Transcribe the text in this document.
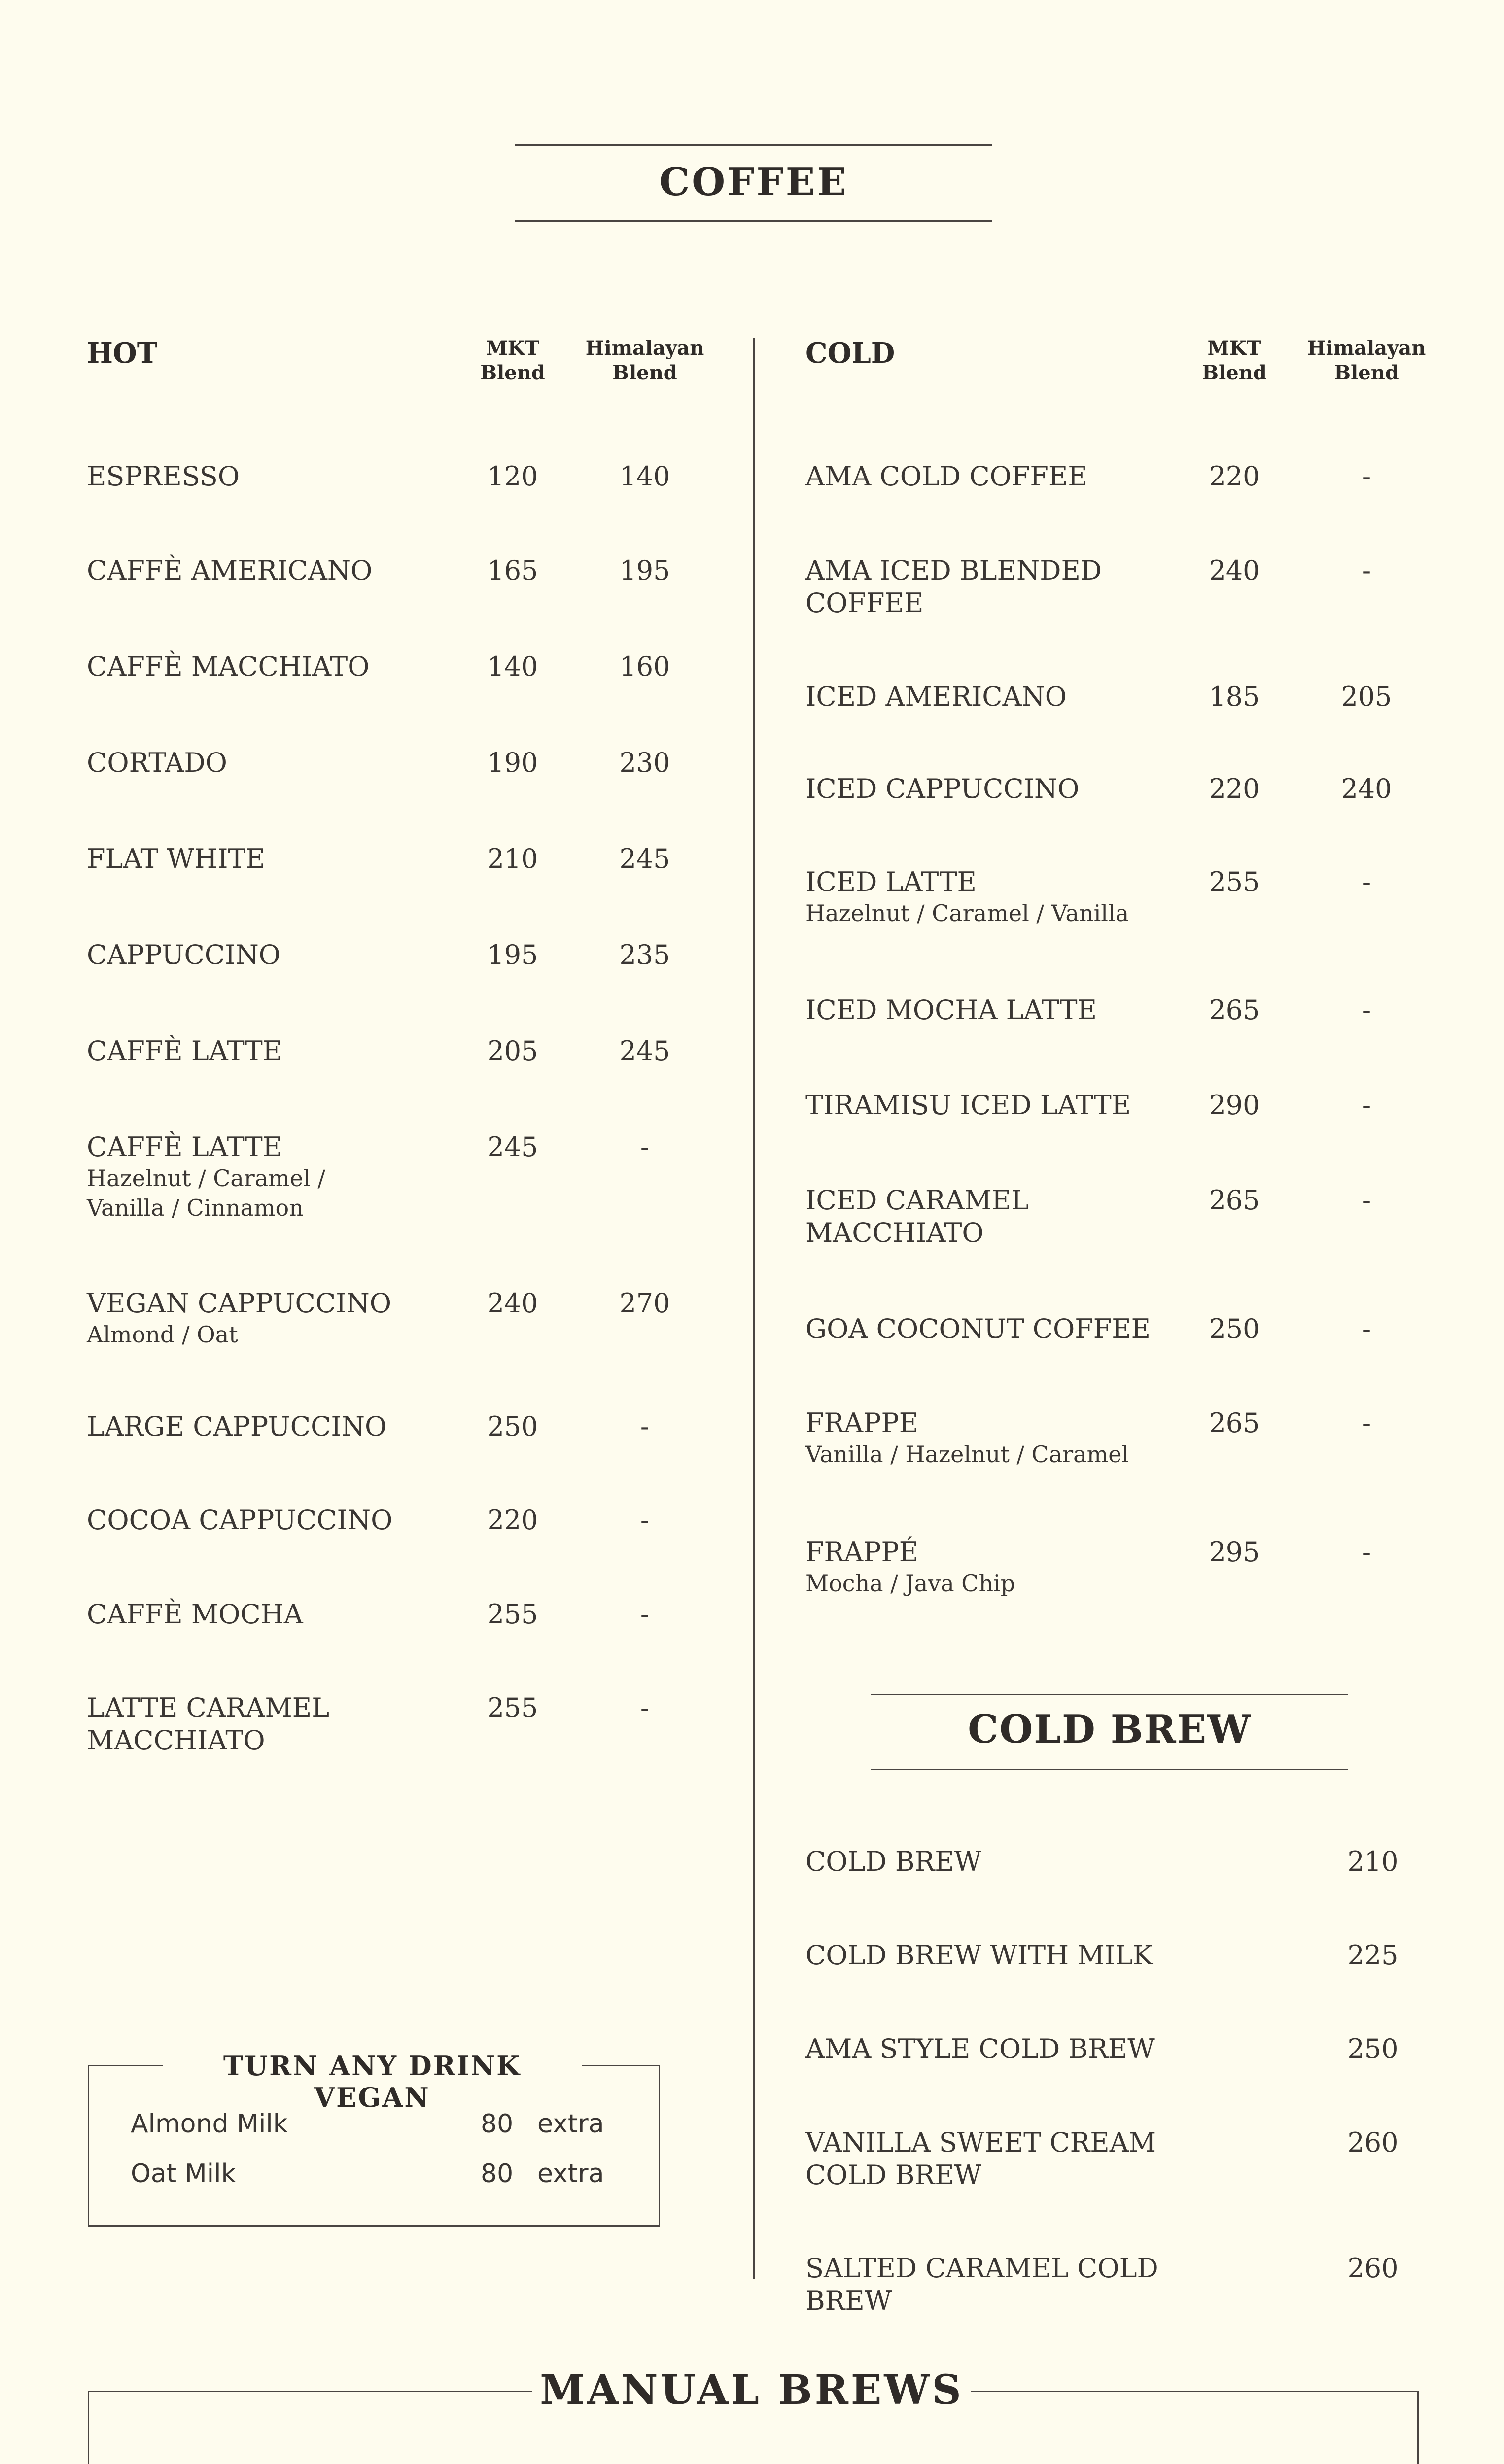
COFFEE
HOT	MKT
Blend
Himalayan
Blend
ESPRESSO	120	140
CAFFÈ AMERICANO	165	195
CAFFÈ MACCHIATO	140	160
CORTADO	190	230
FLAT WHITE	210	245
CAPPUCCINO	195	235
CAFFÈ LATTE	205	245
CAFFÈ LATTE
Hazelnut / Caramel /
Vanilla / Cinnamon
245	-
VEGAN CAPPUCCINO
Almond / Oat
240	270
LARGE CAPPUCCINO	250	-
COCOA CAPPUCCINO	220	-
CAFFÈ MOCHA	255	-
LATTE CARAMEL
MACCHIATO
255	-
COLD	MKT
Blend
Himalayan
Blend
AMA COLD COFFEE	220	-
AMA ICED BLENDED
COFFEE
240	-
ICED AMERICANO	185	205
ICED CAPPUCCINO	220	240
ICED LATTE
Hazelnut / Caramel / Vanilla
255	-
ICED MOCHA LATTE	265	-
TIRAMISU ICED LATTE	290	-
ICED CARAMEL
MACCHIATO
265	-
GOA COCONUT COFFEE	250	-
FRAPPE
Vanilla / Hazelnut / Caramel
265	-
FRAPPÉ
Mocha / Java Chip
295	-
TURN ANY DRINK VEGAN
Almond Milk	80 extra
Oat Milk	80 extra
COLD BREW
COLD BREW	210
COLD BREW WITH MILK	225
AMA STYLE COLD BREW	250
VANILLA SWEET CREAM
COLD BREW
260
SALTED CARAMEL COLD BREW
260
MANUAL BREWS
